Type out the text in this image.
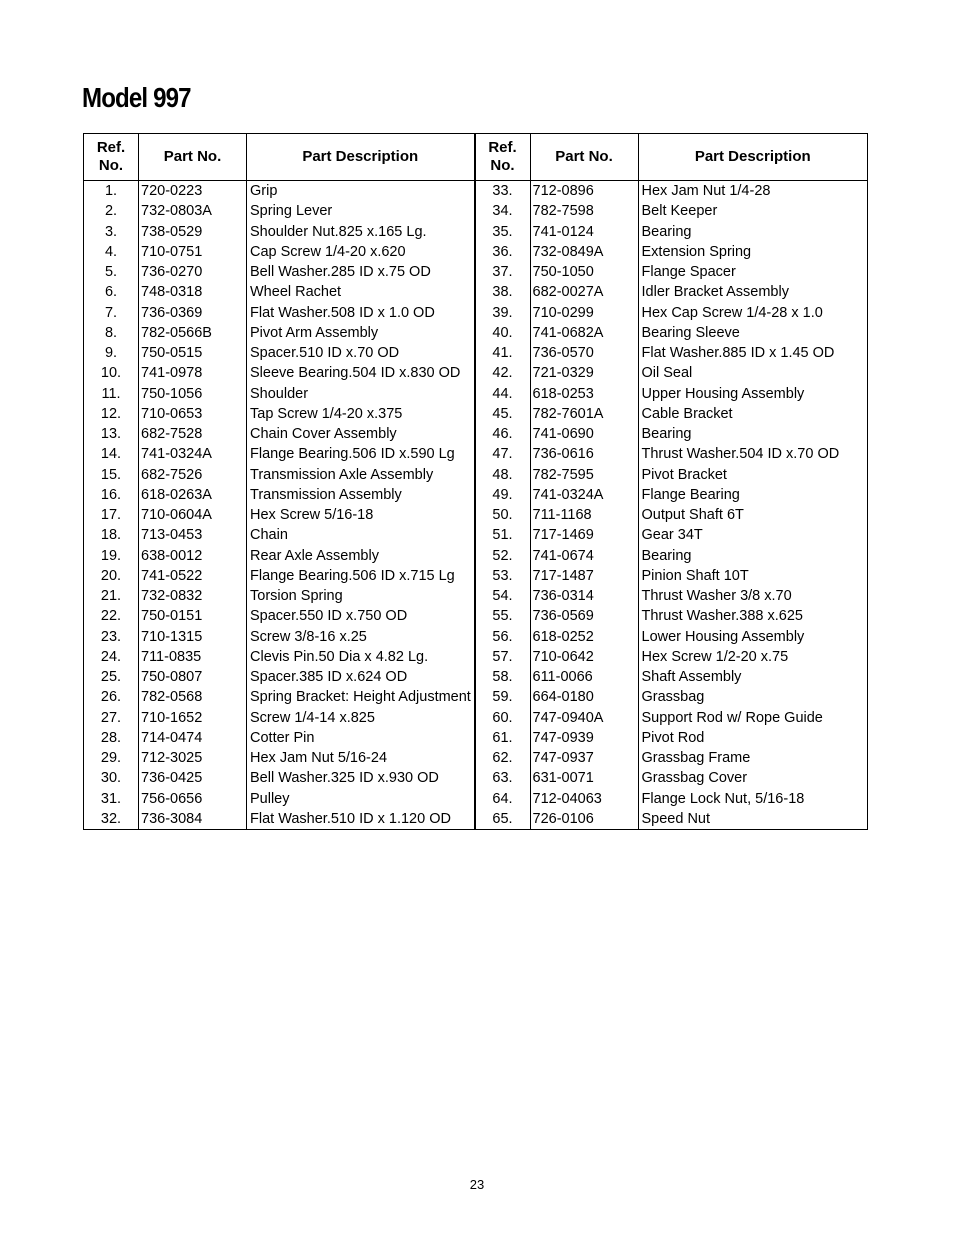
Model 997
Ref. No.	Part No.	Part Description
1.	720-0223	Grip
2.	732-0803A	Spring Lever
3.	738-0529	Shoulder Nut.825 x.165 Lg.
4.	710-0751	Cap Screw 1/4-20 x.620
5.	736-0270	Bell Washer.285 ID x.75 OD
6.	748-0318	Wheel Rachet
7.	736-0369	Flat Washer.508 ID x 1.0 OD
8.	782-0566B	Pivot Arm Assembly
9.	750-0515	Spacer.510 ID x.70 OD
10.	741-0978	Sleeve Bearing.504 ID x.830 OD
11.	750-1056	Shoulder
12.	710-0653	Tap Screw 1/4-20 x.375
13.	682-7528	Chain Cover Assembly
14.	741-0324A	Flange Bearing.506 ID x.590 Lg
15.	682-7526	Transmission Axle Assembly
16.	618-0263A	Transmission Assembly
17.	710-0604A	Hex Screw 5/16-18
18.	713-0453	Chain
19.	638-0012	Rear Axle Assembly
20.	741-0522	Flange Bearing.506 ID x.715 Lg
21.	732-0832	Torsion Spring
22.	750-0151	Spacer.550 ID x.750 OD
23.	710-1315	Screw 3/8-16 x.25
24.	711-0835	Clevis Pin.50 Dia x 4.82 Lg.
25.	750-0807	Spacer.385 ID x.624 OD
26.	782-0568	Spring Bracket: Height Adjustment
27.	710-1652	Screw 1/4-14 x.825
28.	714-0474	Cotter Pin
29.	712-3025	Hex Jam Nut 5/16-24
30.	736-0425	Bell Washer.325 ID x.930 OD
31.	756-0656	Pulley
32.	736-3084	Flat Washer.510 ID x 1.120 OD
Ref. No.	Part No.	Part Description
33.	712-0896	Hex Jam Nut 1/4-28
34.	782-7598	Belt Keeper
35.	741-0124	Bearing
36.	732-0849A	Extension Spring
37.	750-1050	Flange Spacer
38.	682-0027A	Idler Bracket Assembly
39.	710-0299	Hex Cap Screw 1/4-28 x 1.0
40.	741-0682A	Bearing Sleeve
41.	736-0570	Flat Washer.885 ID x 1.45 OD
42.	721-0329	Oil Seal
44.	618-0253	Upper Housing Assembly
45.	782-7601A	Cable Bracket
46.	741-0690	Bearing
47.	736-0616	Thrust Washer.504 ID x.70 OD
48.	782-7595	Pivot Bracket
49.	741-0324A	Flange Bearing
50.	711-1168	Output Shaft 6T
51.	717-1469	Gear 34T
52.	741-0674	Bearing
53.	717-1487	Pinion Shaft 10T
54.	736-0314	Thrust Washer 3/8 x.70
55.	736-0569	Thrust Washer.388 x.625
56.	618-0252	Lower Housing Assembly
57.	710-0642	Hex Screw 1/2-20 x.75
58.	611-0066	Shaft Assembly
59.	664-0180	Grassbag
60.	747-0940A	Support Rod w/ Rope Guide
61.	747-0939	Pivot Rod
62.	747-0937	Grassbag Frame
63.	631-0071	Grassbag Cover
64.	712-04063	Flange Lock Nut, 5/16-18
65.	726-0106	Speed Nut
23
